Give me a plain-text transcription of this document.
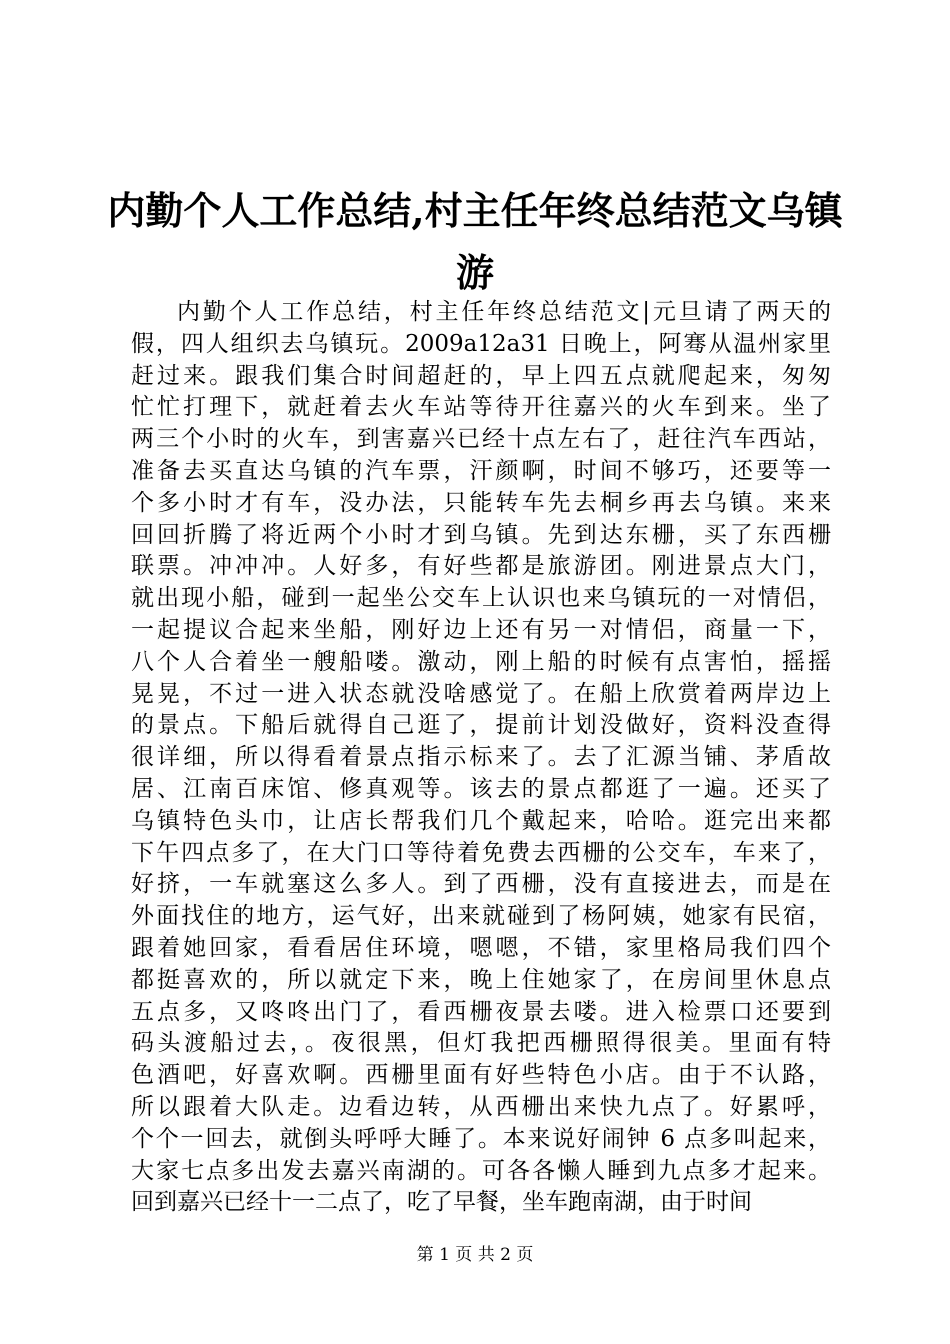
内勤个人工作总结,村主任年终总结范文乌镇
游
内勤个人工作总结，村主任年终总结范文|元旦请了两天的
假，四人组织去乌镇玩。2009a12a31 日晚上，阿骞从温州家里
赶过来。跟我们集合时间超赶的，早上四五点就爬起来，匆匆
忙忙打理下，就赶着去火车站等待开往嘉兴的火车到来。坐了
两三个小时的火车，到害嘉兴已经十点左右了，赶往汽车西站，
准备去买直达乌镇的汽车票，汗颜啊，时间不够巧，还要等一
个多小时才有车，没办法，只能转车先去桐乡再去乌镇。来来
回回折腾了将近两个小时才到乌镇。先到达东栅，买了东西栅
联票。冲冲冲。人好多，有好些都是旅游团。刚进景点大门，
就出现小船，碰到一起坐公交车上认识也来乌镇玩的一对情侣，
一起提议合起来坐船，刚好边上还有另一对情侣，商量一下，
八个人合着坐一艘船喽。激动，刚上船的时候有点害怕，摇摇
晃晃，不过一进入状态就没啥感觉了。在船上欣赏着两岸边上
的景点。下船后就得自己逛了，提前计划没做好，资料没查得
很详细，所以得看着景点指示标来了。去了汇源当铺、茅盾故
居、江南百床馆、修真观等。该去的景点都逛了一遍。还买了
乌镇特色头巾，让店长帮我们几个戴起来，哈哈。逛完出来都
下午四点多了，在大门口等待着免费去西栅的公交车，车来了，
好挤，一车就塞这么多人。到了西栅，没有直接进去，而是在
外面找住的地方，运气好，出来就碰到了杨阿姨，她家有民宿，
跟着她回家，看看居住环境，嗯嗯，不错，家里格局我们四个
都挺喜欢的，所以就定下来，晚上住她家了，在房间里休息点
五点多，又咚咚出门了，看西栅夜景去喽。进入检票口还要到
码头渡船过去，。夜很黑，但灯我把西栅照得很美。里面有特
色酒吧，好喜欢啊。西栅里面有好些特色小店。由于不认路，
所以跟着大队走。边看边转，从西栅出来快九点了。好累呼，
个个一回去，就倒头呼呼大睡了。本来说好闹钟 6 点多叫起来，
大家七点多出发去嘉兴南湖的。可各各懒人睡到九点多才起来。
回到嘉兴已经十一二点了，吃了早餐，坐车跑南湖，由于时间
第 1 页 共 2 页
